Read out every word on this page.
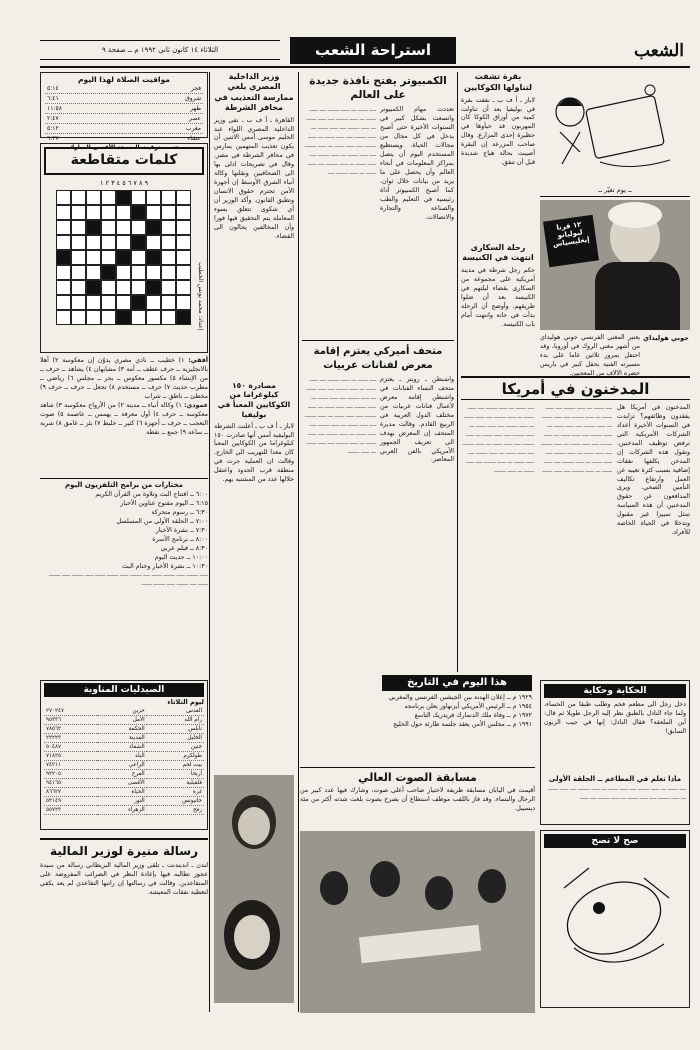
الشعب
استراحة الشعب
الثلاثاء ١٤ كانون ثاني ١٩٩٢ م ــ صفحة ٩
مواقيت الصلاة لهذا اليوم
فجر	٥:١٤
شروق	٦:٤١
ظهر	١١:٥٨
عصر	٢:٤٧
مغرب	٥:١٢
عشاء	٦:٣٧
حسب توقيت المسجد الأقصى المبارك
كلمات متقاطعة
٩ ٨ ٧ ٦ ٥ ٤ ٣ ٢ ١
إعداد: محمد يونس الخطيب
أفقي: ١) خطيب ــ نادي مصري يدوّن إن معكوسة ٢) أهلا بالانجليزية ــ حرف عطف ــ أمة ٣) مشابهان ٤) يشاهد ــ حرف ــ من الإنشاء ٥) مكسور معكوس ــ بحر ــ مجلس ٦) رياضي ــ مطرب حديث ٧) حرف ــ مستخدم ٨) تجعل ــ حرف ــ حرف ٩) مخطئ ــ ناطق ــ شراب
عمودي: ١) وكالة أنباء ــ مدينة ٢) من الأرواح معكوسة ٣) شاهد معكوسة ــ حرف ٤) أول معرفة ــ يهمس ــ عاصمة ٥) صوت التعجب ــ حرف ــ أجهزة ٦) كثير ــ خليط ٧) بئر ــ غامق ٨) شربة ــ ساعة ٩) جمع ــ نقطة
مختارات من برامج التلفزيون اليوم
٦:٠٠ ــ افتتاح البث وتلاوة من القرآن الكريم
٦:١٥ ــ اليوم مفتوح عناوين الأخبار
٦:٣٠ ــ رسوم متحركة
٧:٠٠ ــ الحلقة الأولى من المسلسل
٧:٣٠ ــ نشرة الأخبار
٨:٠٠ ــ برنامج الأسرة
٨:٣٠ ــ فيلم عربي
١٠:٠٠ ــ حديث اليوم
١٠:٣٠ ــ نشرة الأخبار وختام البث
ـــــ ـــــــ ـــــ ـــــــ ــــــ ــــ ـــــــ ـــــ ـــــــ ــــــ ـــــ ـــــــ ـــــ ـــــــ ــــــ ــــ ـــــــ ـــــ ـــــــ ــــــ
الصيدليات المناوبة
ليوم الثلاثاء
القدس	حزين	٢٧٠٢٤٧
رام الله	الأمل	٩٥٣٣٦
نابلس	الحكمة	٧٨٥٦٢
الخليل	المدينة	٢٢٢٢٣
جنين	الشفاء	٥٠٤٨٧
طولكرم	البلد	٧١٨٢٥
بيت لحم	الراعي	٧٤٢١١
أريحا	الفرح	٩٢٢٠٥
قلقيلية	الأقصى	٩٤١٦٥
غزة	الحياة	٨٦٦٢٧
خانيونس	النور	٥٣١٤٩
رفح	الزهراء	٥٥٧٢٣
رسالة منيرة لوزير المالية
لندن ـ اندبندنت ـ تلقى وزير المالية البريطاني رسالة من سيدة عجوز تطالبه فيها بإعادة النظر في الضرائب المفروضة على المتقاعدين. وقالت في رسالتها إن راتبها التقاعدي لم يعد يكفي لتغطية نفقات المعيشة.
وزير الداخلية المصري يلغي ممارسة التعذيب في مخافر الشرطة
القاهرة ـ أ ف ب ـ نفى وزير الداخلية المصري اللواء عبد الحليم موسى أمس الاثنين أن يكون تعذيب المتهمين يمارس في مخافر الشرطة في مصر. وقال في تصريحات ادلى بها الى الصحافيين ونقلتها وكالة أنباء الشرق الأوسط إن أجهزة الأمن تحترم حقوق الانسان وتطبق القانون. وأكد الوزير أن أي شكوى تتعلق بسوء المعاملة يتم التحقيق فيها فورا وأن المخالفين يحالون الى القضاء.
مصادرة ١٥٠ كيلوغراما من الكوكايين المعبأ في بوليفيا
لاباز ـ أ ف ب ـ أعلنت الشرطة البوليفية أمس أنها صادرت ١٥٠ كيلوغراما من الكوكايين المعبأ كان معدا للتهريب الى الخارج. وقالت ان العملية جرت في منطقة قرب الحدود واعتقل خلالها عدد من المشتبه بهم.
الكمبيوتر يفتح نافذة جديدة على العالم
تعددت مهام الكمبيوتر واتسعت بشكل كبير في السنوات الأخيرة حتى أصبح يدخل في كل مجال من مجالات الحياة. ويستطيع المستخدم اليوم أن يتصل بمراكز المعلومات في أنحاء العالم وأن يحصل على ما يريد من بيانات خلال ثوان. كما أصبح الكمبيوتر أداة رئيسية في التعليم والطب والصناعة والتجارة والاتصالات.
ــــ ــــــ ـــ ـــــ ـــــــ ــــ ـــــ ــــــ ـــ ـــــ ـــــــ ــــ ـــــ ــــــ ـــ ـــــ ـــــــ ــــ ـــــ ــــــ ـــ ـــــ ـــــــ ــــ ـــــ ــــــ ـــ ـــــ ـــــــ ــــ ـــــ ــــــ ـــ ـــــ ـــــــ ــــ ـــــ ــــــ ـــ ـــــ ـــــــ ــــ ـــــ ــــــ ـــ ـــــ ـــــــ ــــ ـــــ ــــــ ـــ ـــــ ـــــــ ــــ
متحف أميركي يعتزم إقامة معرض لفنانات عربيات
واشنطن ـ رويتر ـ يعتزم متحف النساء الفنانات في واشنطن إقامة معرض لأعمال فنانات عربيات من مختلف الدول العربية في الربيع القادم. وقالت مديرة المتحف إن المعرض يهدف الى تعريف الجمهور الأمريكي بالفن العربي المعاصر.
ــــ ــــــ ـــ ـــــ ـــــــ ــــ ـــــ ــــــ ـــ ـــــ ـــــــ ــــ ـــــ ــــــ ـــ ـــــ ـــــــ ــــ ـــــ ــــــ ـــ ـــــ ـــــــ ــــ ـــــ ــــــ ـــ ـــــ ـــــــ ــــ ـــــ ــــــ ـــ ـــــ ـــــــ ــــ ـــــ ــــــ ـــ ـــــ ـــــــ ــــ ـــــ ــــــ ـــ ـــــ ـــــــ ــــ ـــــ ــــــ ـــ ـــــ ـــــــ ــــ ـــــ ــــــ ـــ ـــــ ـــــــ
هذا اليوم في التاريخ
١٩٢٩ م ــ إعلان الهدنة بين الجيشين الفرنسي والمغربي
١٩٥٤ م ــ الرئيس الأمريكي أيزنهاور يعلن برنامجه
١٩٧٢ م ــ وفاة ملك الدنمارك فريدريك التاسع
١٩٩١ م ــ مجلس الأمن يعقد جلسة طارئة حول الخليج
مسابقة الصوت العالي
أقيمت في اليابان مسابقة طريفة لاختيار صاحب أعلى صوت، وشارك فيها عدد كبير من الرجال والنساء. وقد فاز باللقب موظف استطاع أن يصرخ بصوت بلغت شدته أكثر من مئة ديسيبل.
بقرة تشفت لتناولها الكوكايين
لاباز ـ أ ف ب ـ نفقت بقرة في بوليفيا بعد أن تناولت كمية من أوراق الكوكا كان المهربون قد خبأوها في حظيرة إحدى المزارع. وقال صاحب المزرعة إن البقرة أصيبت بحالة هياج شديدة قبل أن تنفق.
رحلة السكارى انتهت في الكنيسة
حكم رجل شرطة في مدينة أمريكية على مجموعة من السكارى بقضاء ليلتهم في الكنيسة بعد أن ضلوا طريقهم. وأوضح أن الرحلة بدأت في حانة وانتهت أمام باب الكنيسة.
المدخنون في أمريكا
المدخنون في أمريكا هل يفقدون وظائفهم؟ تزايدت في السنوات الأخيرة أعداد الشركات الأمريكية التي ترفض توظيف المدخنين. وتقول هذه الشركات إن المدخن يكلفها نفقات إضافية بسبب كثرة تغيبه عن العمل وارتفاع تكاليف التأمين الصحي. ويرى المدافعون عن حقوق المدخنين أن هذه السياسة تمثل تمييزا غير مقبول وتدخلا في الحياة الخاصة للأفراد.
ــــ ــــــ ـــ ـــــ ـــــــ ــــ ـــــ ــــــ ـــ ـــــ ـــــــ ــــ ـــــ ــــــ ـــ ـــــ ـــــــ ــــ ـــــ ــــــ ـــ ـــــ ـــــــ ــــ ـــــ ــــــ ـــ ـــــ ـــــــ ــــ ـــــ ــــــ ـــ ـــــ ـــــــ ــــ ـــــ ــــــ ـــ ـــــ ـــــــ ــــ ـــــ ــــــ ـــ ـــــ ـــــــ ــــ ـــــ ــــــ ـــ ـــــ ـــــــ ــــ ـــــ ــــــ
ــــ ــــــ ـــ ـــــ ـــــــ ــــ ـــــ ــــــ ـــ ـــــ ـــــــ ــــ ـــــ ــــــ ـــ ـــــ ـــــــ ــــ ـــــ ــــــ ـــ ـــــ ـــــــ ــــ ـــــ ــــــ ـــ ـــــ ـــــــ ــــ ـــــ ــــــ ـــ ـــــ ـــــــ ــــ ـــــ ــــــ ـــ ـــــ ـــــــ ــــ ـــــ ــــــ ـــ ـــــ ـــــــ ــــ ـــــ ــــــ ـــ ـــــ ـــــــ
ــ يوم تغيّر ــ
١٢ قرنا ليوليانو إيغليسياس
يعتبر المغني الفرنسي جوني هوليداي من أشهر مغني الروك في أوروبا، وقد احتفل بمرور ثلاثين عاما على بدء مسيرته الفنية بحفل كبير في باريس حضره الآلاف من المعجبين.
جوني هوليداي
الحكاية وحكاية
دخل رجل الى مطعم فخم وطلب طبقا من الحساء، ولما جاء النادل بالطبق نظر إليه الرجل طويلا ثم قال: أين الملعقة؟ فقال النادل: إنها في جيب الزبون السابق!
ماذا تعلم في المطاعم ــ الحلقة الأولى
ــــ ــــــ ـــ ـــــ ـــــــ ــــ ـــــ ــــــ ـــ ـــــ ـــــــ ــــ ـــــ ــــــ ـــ ـــــ ـــــــ ــــ ـــــ ــــــ ـــ ـــــ ـــــــ ــــ ـــــ
صح لا تصح
